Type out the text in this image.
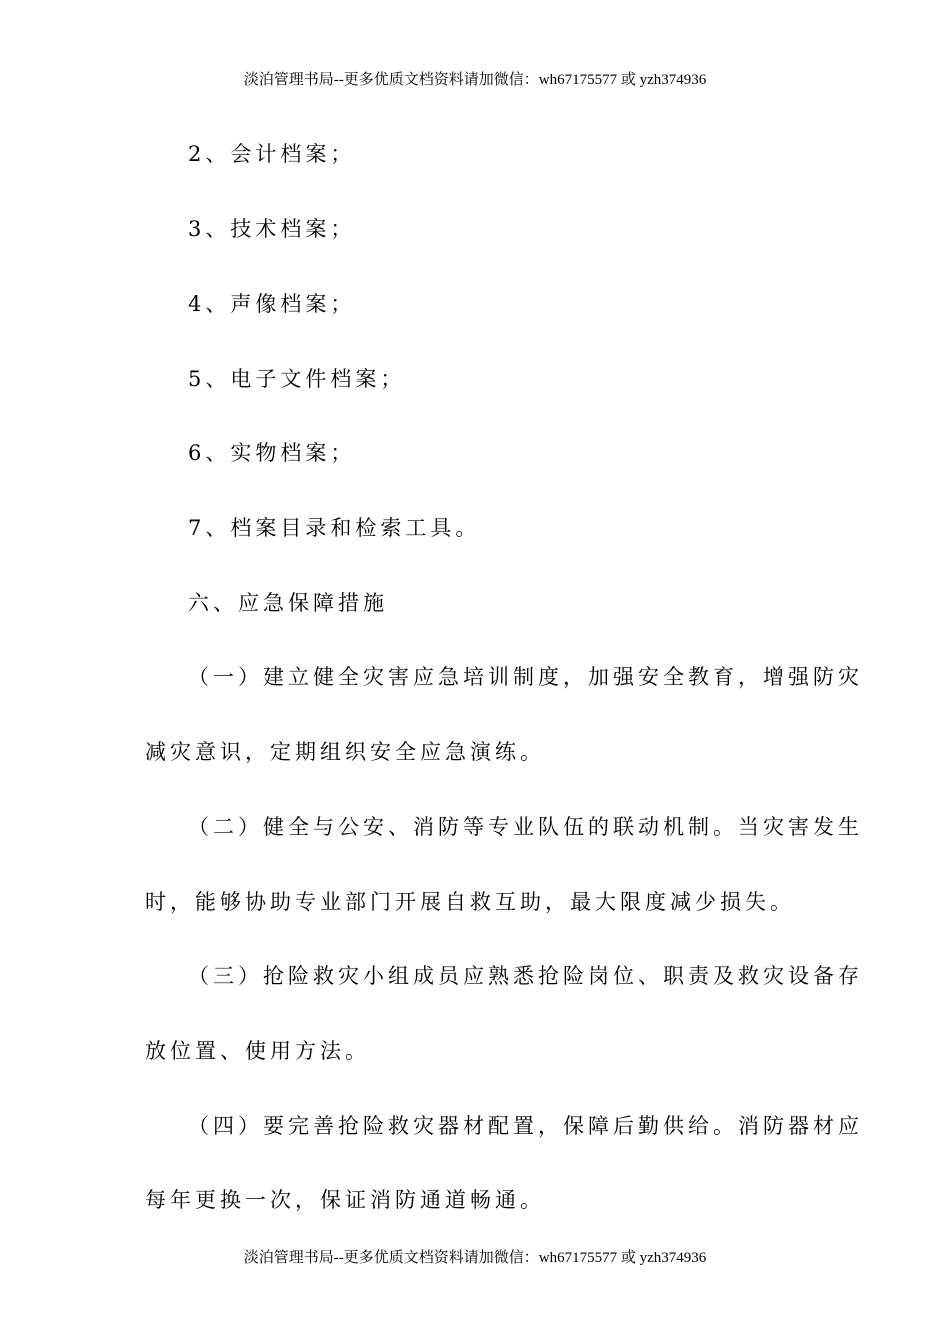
淡泊管理书局--更多优质文档资料请加微信：wh67175577 或 yzh374936
2、会计档案；
3、技术档案；
4、声像档案；
5、电子文件档案；
6、实物档案；
7、档案目录和检索工具。
六、应急保障措施
（一）建立健全灾害应急培训制度，加强安全教育，增强防灾
减灾意识，定期组织安全应急演练。
（二）健全与公安、消防等专业队伍的联动机制。当灾害发生
时，能够协助专业部门开展自救互助，最大限度减少损失。
（三）抢险救灾小组成员应熟悉抢险岗位、职责及救灾设备存
放位置、使用方法。
（四）要完善抢险救灾器材配置，保障后勤供给。消防器材应
每年更换一次，保证消防通道畅通。
淡泊管理书局--更多优质文档资料请加微信：wh67175577 或 yzh374936
